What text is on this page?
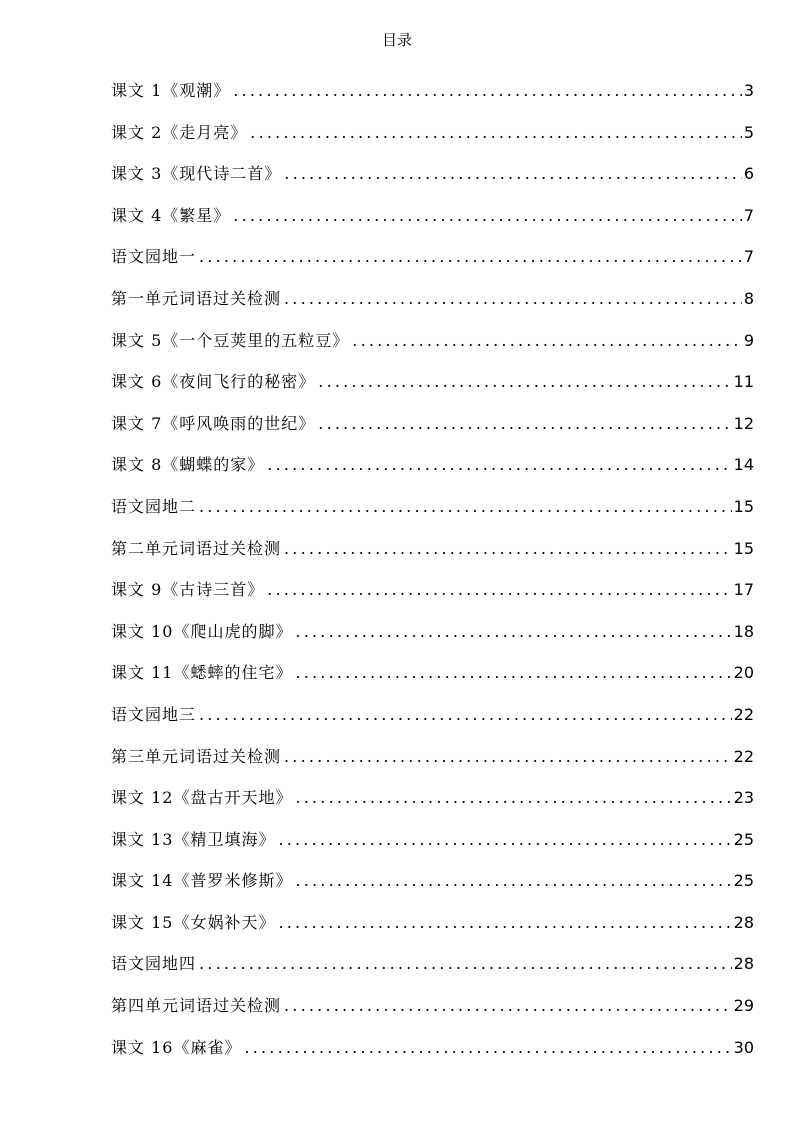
目录
课文 1《观潮》 .....	3
课文 2《走月亮》 .....	5
课文 3《现代诗二首》 .....	6
课文 4《繁星》 .....	7
语文园地一 .....	7
第一单元词语过关检测 .....	8
课文 5《一个豆荚里的五粒豆》 .....	9
课文 6《夜间飞行的秘密》 .....	11
课文 7《呼风唤雨的世纪》 .....	12
课文 8《蝴蝶的家》 .....	14
语文园地二 .....	15
第二单元词语过关检测 .....	15
课文 9《古诗三首》 .....	17
课文 10《爬山虎的脚》 .....	18
课文 11《蟋蟀的住宅》 .....	20
语文园地三 .....	22
第三单元词语过关检测 .....	22
课文 12《盘古开天地》 .....	23
课文 13《精卫填海》 .....	25
课文 14《普罗米修斯》 .....	25
课文 15《女娲补天》 .....	28
语文园地四 .....	28
第四单元词语过关检测 .....	29
课文 16《麻雀》 .....	30
